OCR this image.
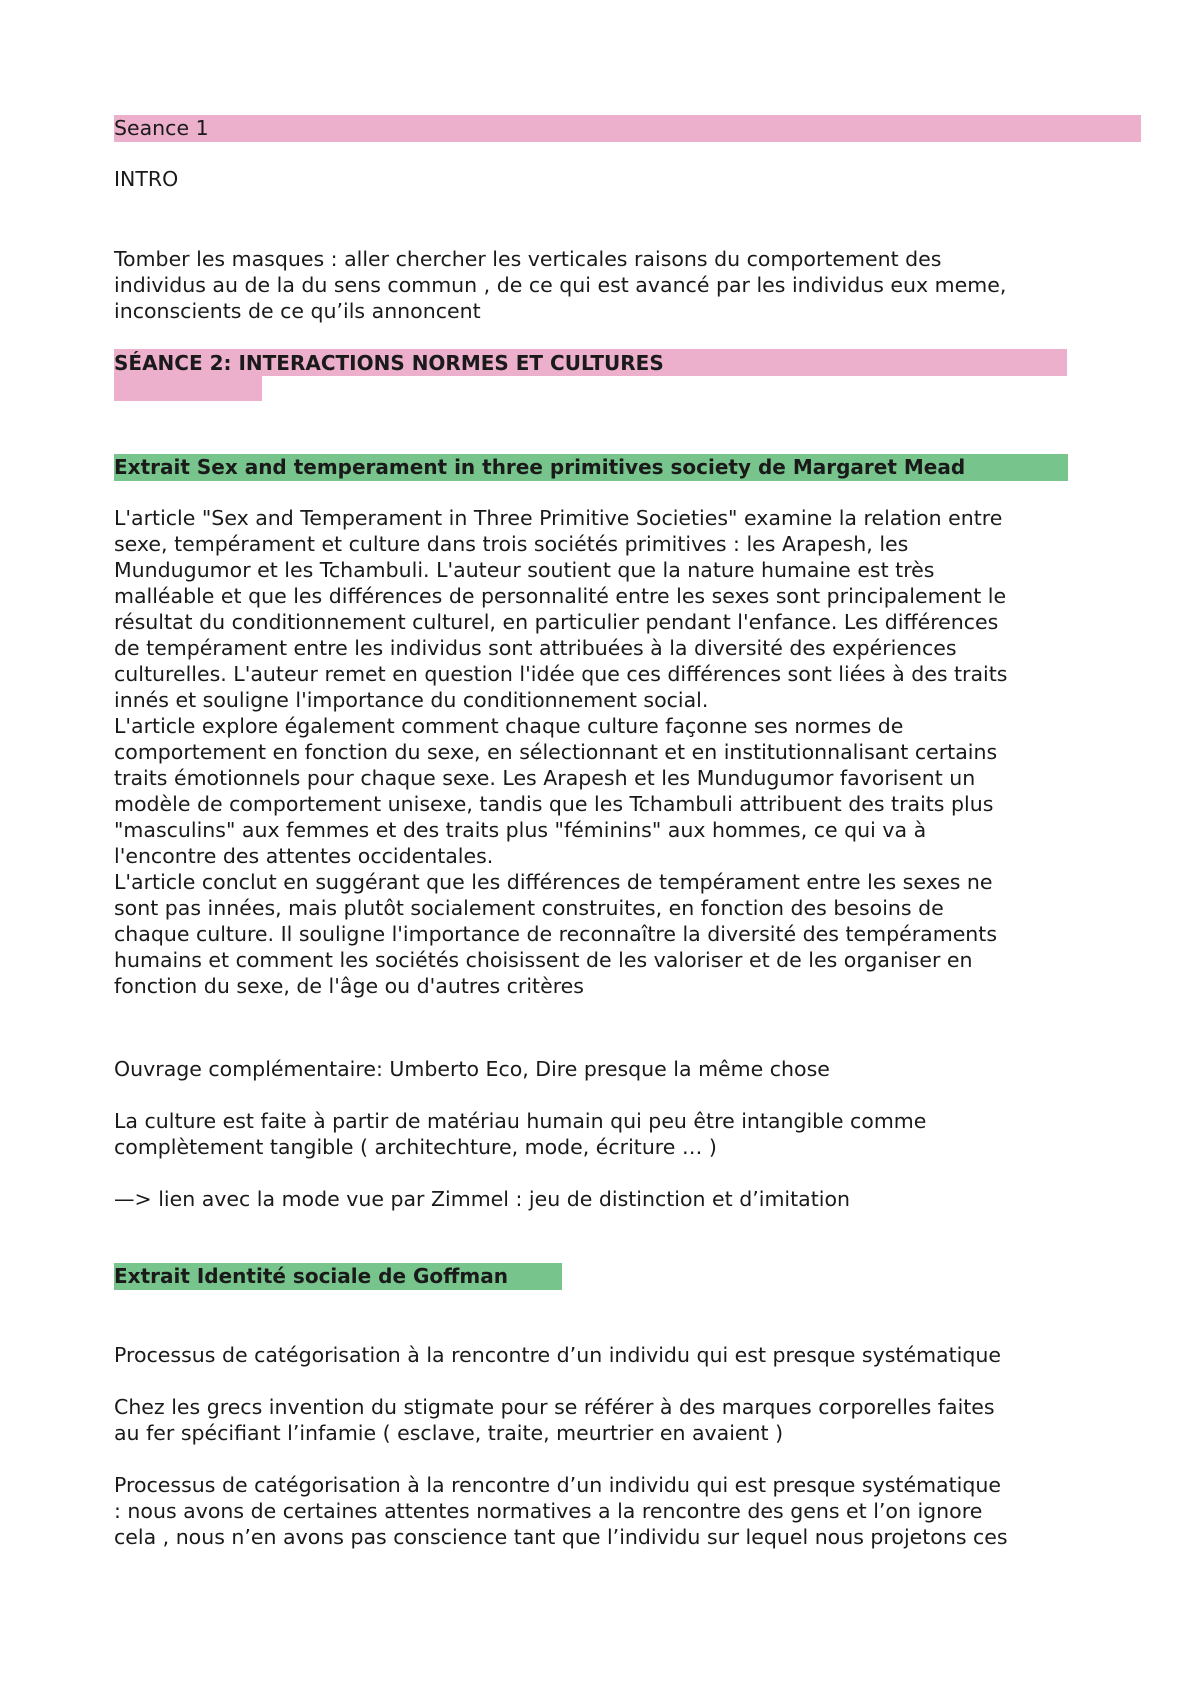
Seance 1
INTRO
Tomber les masques : aller chercher les verticales raisons du comportement des
individus au de la du sens commun , de ce qui est avancé par les individus eux meme,
inconscients de ce qu’ils annoncent
SÉANCE 2: INTERACTIONS NORMES ET CULTURES
Extrait Sex and temperament in three primitives society de Margaret Mead
L'article "Sex and Temperament in Three Primitive Societies" examine la relation entre
sexe, tempérament et culture dans trois sociétés primitives : les Arapesh, les
Mundugumor et les Tchambuli. L'auteur soutient que la nature humaine est très
malléable et que les différences de personnalité entre les sexes sont principalement le
résultat du conditionnement culturel, en particulier pendant l'enfance. Les différences
de tempérament entre les individus sont attribuées à la diversité des expériences
culturelles. L'auteur remet en question l'idée que ces différences sont liées à des traits
innés et souligne l'importance du conditionnement social.
L'article explore également comment chaque culture façonne ses normes de
comportement en fonction du sexe, en sélectionnant et en institutionnalisant certains
traits émotionnels pour chaque sexe. Les Arapesh et les Mundugumor favorisent un
modèle de comportement unisexe, tandis que les Tchambuli attribuent des traits plus
"masculins" aux femmes et des traits plus "féminins" aux hommes, ce qui va à
l'encontre des attentes occidentales.
L'article conclut en suggérant que les différences de tempérament entre les sexes ne
sont pas innées, mais plutôt socialement construites, en fonction des besoins de
chaque culture. Il souligne l'importance de reconnaître la diversité des tempéraments
humains et comment les sociétés choisissent de les valoriser et de les organiser en
fonction du sexe, de l'âge ou d'autres critères
Ouvrage complémentaire: Umberto Eco, Dire presque la même chose
La culture est faite à partir de matériau humain qui peu être intangible comme
complètement tangible ( architechture, mode, écriture … )
—> lien avec la mode vue par Zimmel : jeu de distinction et d’imitation
Extrait Identité sociale de Goffman
Processus de catégorisation à la rencontre d’un individu qui est presque systématique
Chez les grecs invention du stigmate pour se référer à des marques corporelles faites
au fer spécifiant l’infamie ( esclave, traite, meurtrier en avaient )
Processus de catégorisation à la rencontre d’un individu qui est presque systématique
: nous avons de certaines attentes normatives a la rencontre des gens et l’on ignore
cela , nous n’en avons pas conscience tant que l’individu sur lequel nous projetons ces
